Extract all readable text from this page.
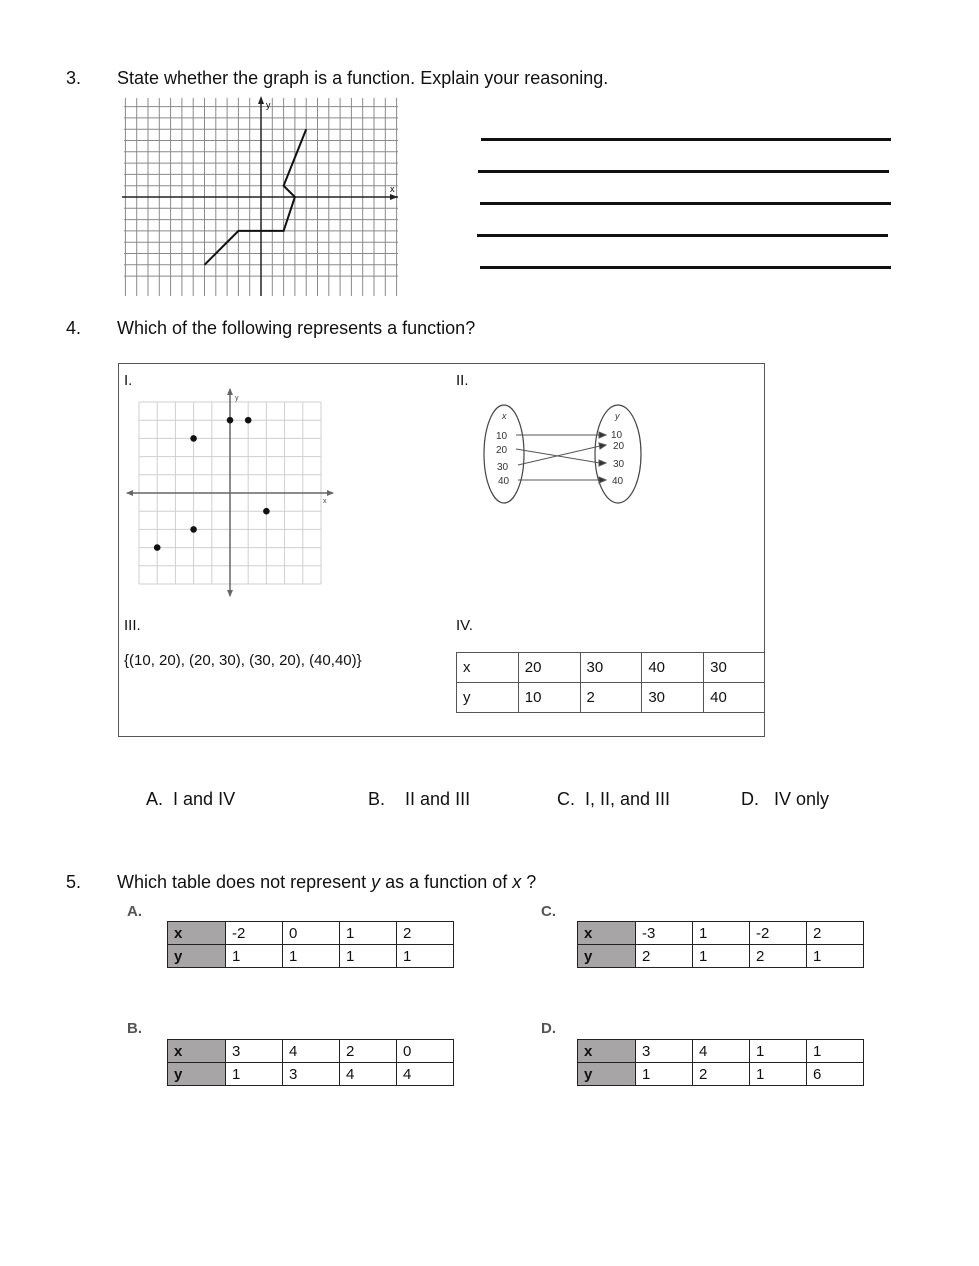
3. State whether the graph is a function. Explain your reasoning.
y
x
4. Which of the following represents a function?
I.
y
x
II.
x	y
10
20
30
40
10
20
30
40
III.
{(10, 20), (20, 30), (30, 20), (40,40)}
IV.
x	20	30	40	30
y	10	2	30	40
A. I and IV	B. II and III	C. I, II, and III	D. IV only
5. Which table does not represent y as a function of x ?
A.
x	-2	0	1	2
y	1	1	1	1
B.
x	3	4	2	0
y	1	3	4	4
C.
x	-3	1	-2	2
y	2	1	2	1
D.
x	3	4	1	1
y	1	2	1	6
